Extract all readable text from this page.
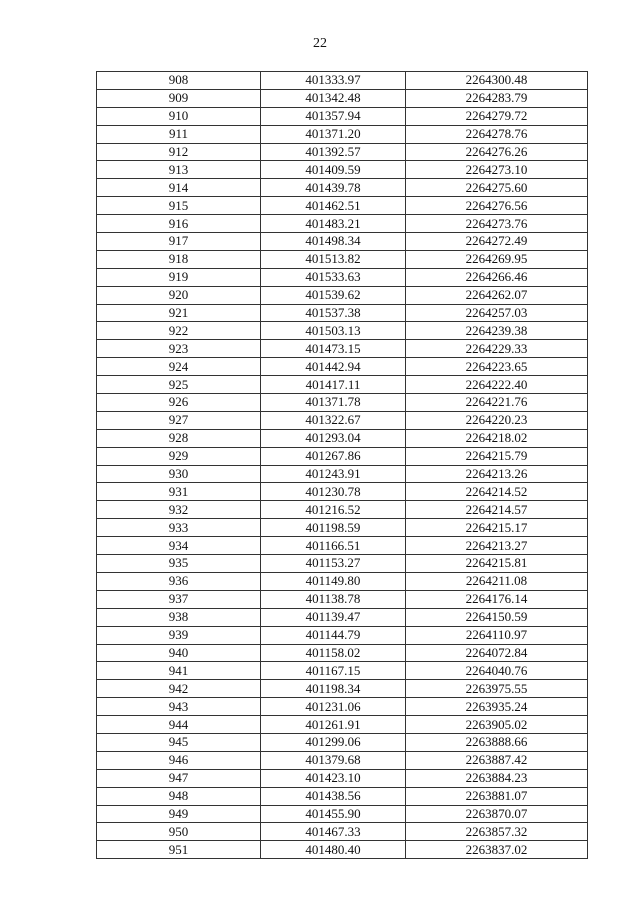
22
908	401333.97	2264300.48
909	401342.48	2264283.79
910	401357.94	2264279.72
911	401371.20	2264278.76
912	401392.57	2264276.26
913	401409.59	2264273.10
914	401439.78	2264275.60
915	401462.51	2264276.56
916	401483.21	2264273.76
917	401498.34	2264272.49
918	401513.82	2264269.95
919	401533.63	2264266.46
920	401539.62	2264262.07
921	401537.38	2264257.03
922	401503.13	2264239.38
923	401473.15	2264229.33
924	401442.94	2264223.65
925	401417.11	2264222.40
926	401371.78	2264221.76
927	401322.67	2264220.23
928	401293.04	2264218.02
929	401267.86	2264215.79
930	401243.91	2264213.26
931	401230.78	2264214.52
932	401216.52	2264214.57
933	401198.59	2264215.17
934	401166.51	2264213.27
935	401153.27	2264215.81
936	401149.80	2264211.08
937	401138.78	2264176.14
938	401139.47	2264150.59
939	401144.79	2264110.97
940	401158.02	2264072.84
941	401167.15	2264040.76
942	401198.34	2263975.55
943	401231.06	2263935.24
944	401261.91	2263905.02
945	401299.06	2263888.66
946	401379.68	2263887.42
947	401423.10	2263884.23
948	401438.56	2263881.07
949	401455.90	2263870.07
950	401467.33	2263857.32
951	401480.40	2263837.02
